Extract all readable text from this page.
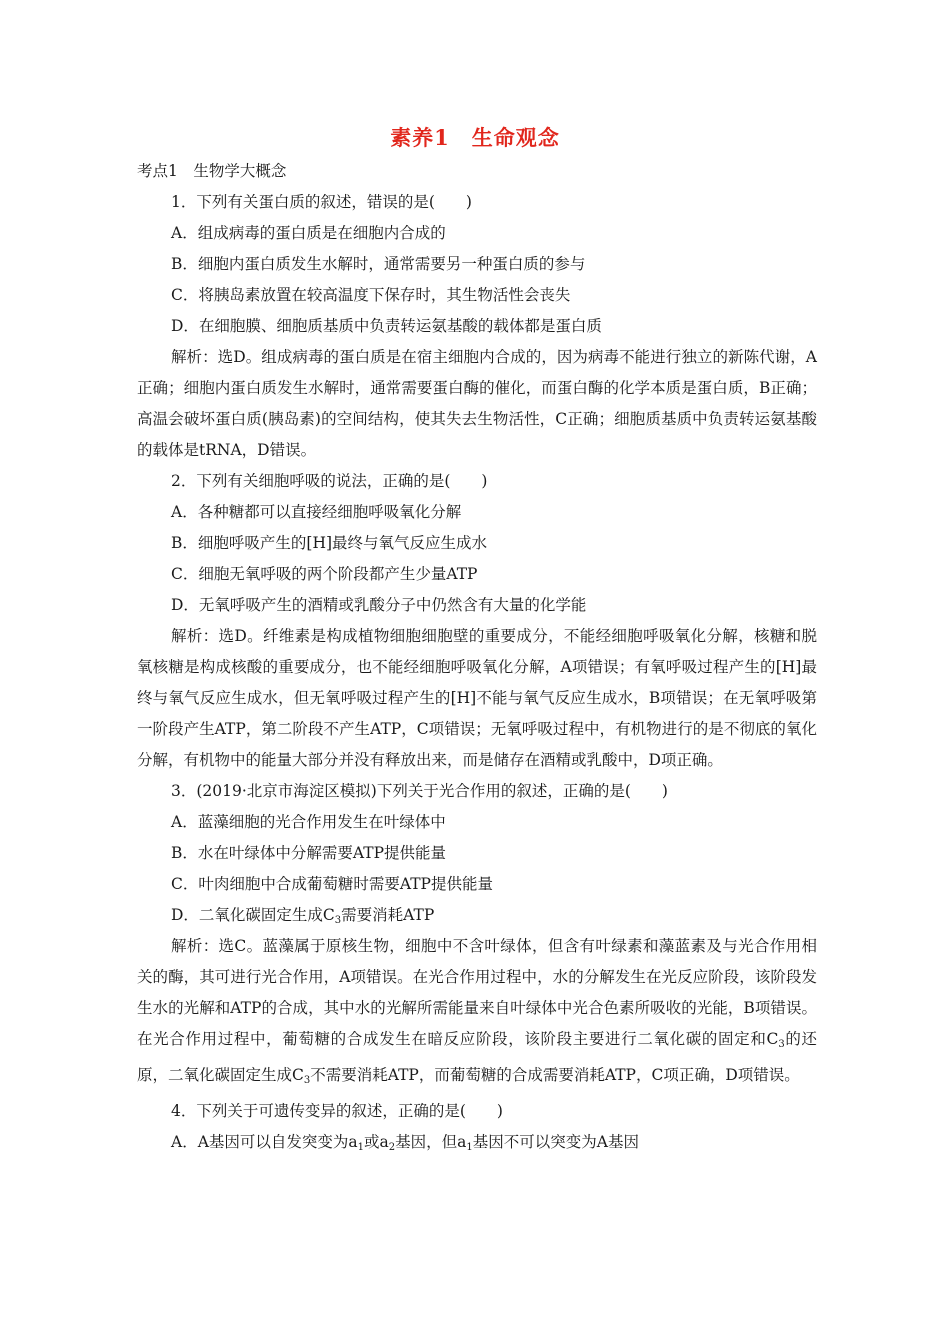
素养1　生命观念
考点1　生物学大概念
1．下列有关蛋白质的叙述，错误的是(　　)
A．组成病毒的蛋白质是在细胞内合成的
B．细胞内蛋白质发生水解时，通常需要另一种蛋白质的参与
C．将胰岛素放置在较高温度下保存时，其生物活性会丧失
D．在细胞膜、细胞质基质中负责转运氨基酸的载体都是蛋白质
解析：选D。组成病毒的蛋白质是在宿主细胞内合成的，因为病毒不能进行独立的新陈代谢，A正确；细胞内蛋白质发生水解时，通常需要蛋白酶的催化，而蛋白酶的化学本质是蛋白质，B正确；高温会破坏蛋白质(胰岛素)的空间结构，使其失去生物活性，C正确；细胞质基质中负责转运氨基酸的载体是tRNA，D错误。
2．下列有关细胞呼吸的说法，正确的是(　　)
A．各种糖都可以直接经细胞呼吸氧化分解
B．细胞呼吸产生的[H]最终与氧气反应生成水
C．细胞无氧呼吸的两个阶段都产生少量ATP
D．无氧呼吸产生的酒精或乳酸分子中仍然含有大量的化学能
解析：选D。纤维素是构成植物细胞细胞壁的重要成分，不能经细胞呼吸氧化分解，核糖和脱氧核糖是构成核酸的重要成分，也不能经细胞呼吸氧化分解，A项错误；有氧呼吸过程产生的[H]最终与氧气反应生成水，但无氧呼吸过程产生的[H]不能与氧气反应生成水，B项错误；在无氧呼吸第一阶段产生ATP，第二阶段不产生ATP，C项错误；无氧呼吸过程中，有机物进行的是不彻底的氧化分解，有机物中的能量大部分并没有释放出来，而是储存在酒精或乳酸中，D项正确。
3．(2019·北京市海淀区模拟)下列关于光合作用的叙述，正确的是(　　)
A．蓝藻细胞的光合作用发生在叶绿体中
B．水在叶绿体中分解需要ATP提供能量
C．叶肉细胞中合成葡萄糖时需要ATP提供能量
D．二氧化碳固定生成$C_3$需要消耗ATP
解析：选C。蓝藻属于原核生物，细胞中不含叶绿体，但含有叶绿素和藻蓝素及与光合作用相关的酶，其可进行光合作用，A项错误。在光合作用过程中，水的分解发生在光反应阶段，该阶段发生水的光解和ATP的合成，其中水的光解所需能量来自叶绿体中光合色素所吸收的光能，B项错误。在光合作用过程中，葡萄糖的合成发生在暗反应阶段，该阶段主要进行二氧化碳的固定和$C_3$的还原，二氧化碳固定生成$C_3$不需要消耗ATP，而葡萄糖的合成需要消耗ATP，C项正确，D项错误。
4．下列关于可遗传变异的叙述，正确的是(　　)
A．A基因可以自发突变为$a_1$或$a_2$基因，但$a_1$基因不可以突变为A基因
